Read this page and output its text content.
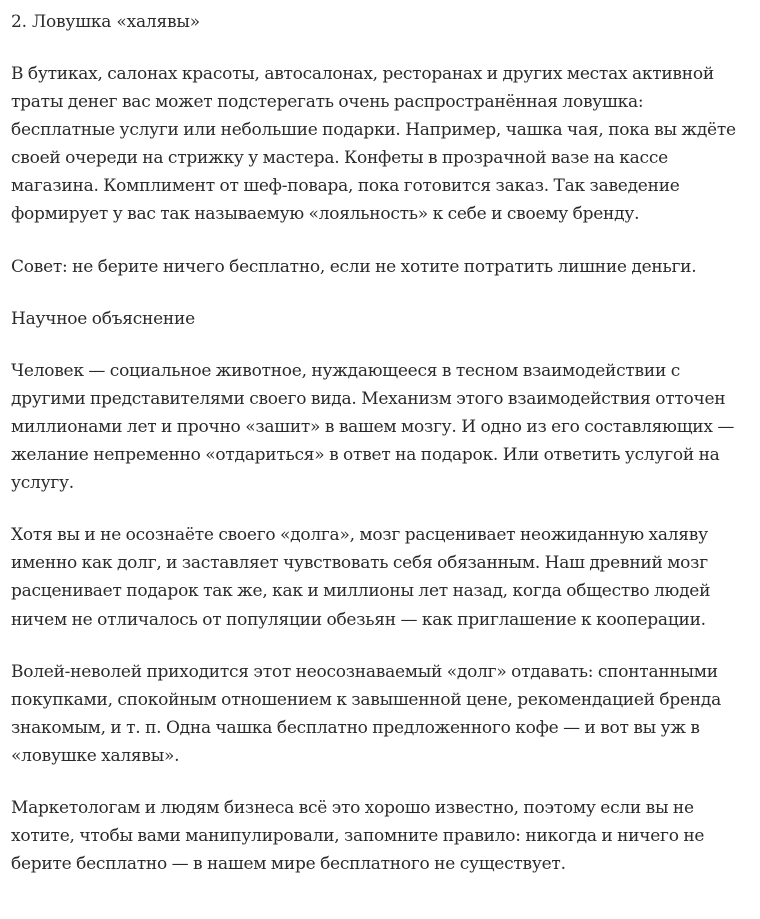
2. Ловушка «халявы»

В бутиках, салонах красоты, автосалонах, ресторанах и других местах активной траты денег вас может подстерегать очень распространённая ловушка: бесплатные услуги или небольшие подарки. Например, чашка чая, пока вы ждёте своей очереди на стрижку у мастера. Конфеты в прозрачной вазе на кассе магазина. Комплимент от шеф-повара, пока готовится заказ. Так заведение формирует у вас так называемую «лояльность» к себе и своему бренду.

Совет: не берите ничего бесплатно, если не хотите потратить лишние деньги.

Научное объяснение

Человек — социальное животное, нуждающееся в тесном взаимодействии с другими представителями своего вида. Механизм этого взаимодействия отточен миллионами лет и прочно «зашит» в вашем мозгу. И одно из его составляющих — желание непременно «отдариться» в ответ на подарок. Или ответить услугой на услугу.

Хотя вы и не осознаёте своего «долга», мозг расценивает неожиданную халяву именно как долг, и заставляет чувствовать себя обязанным. Наш древний мозг расценивает подарок так же, как и миллионы лет назад, когда общество людей ничем не отличалось от популяции обезьян — как приглашение к кооперации.

Волей-неволей приходится этот неосознаваемый «долг» отдавать: спонтанными покупками, спокойным отношением к завышенной цене, рекомендацией бренда знакомым, и т. п. Одна чашка бесплатно предложенного кофе — и вот вы уж в «ловушке халявы».

Маркетологам и людям бизнеса всё это хорошо известно, поэтому если вы не хотите, чтобы вами манипулировали, запомните правило: никогда и ничего не берите бесплатно — в нашем мире бесплатного не существует.
